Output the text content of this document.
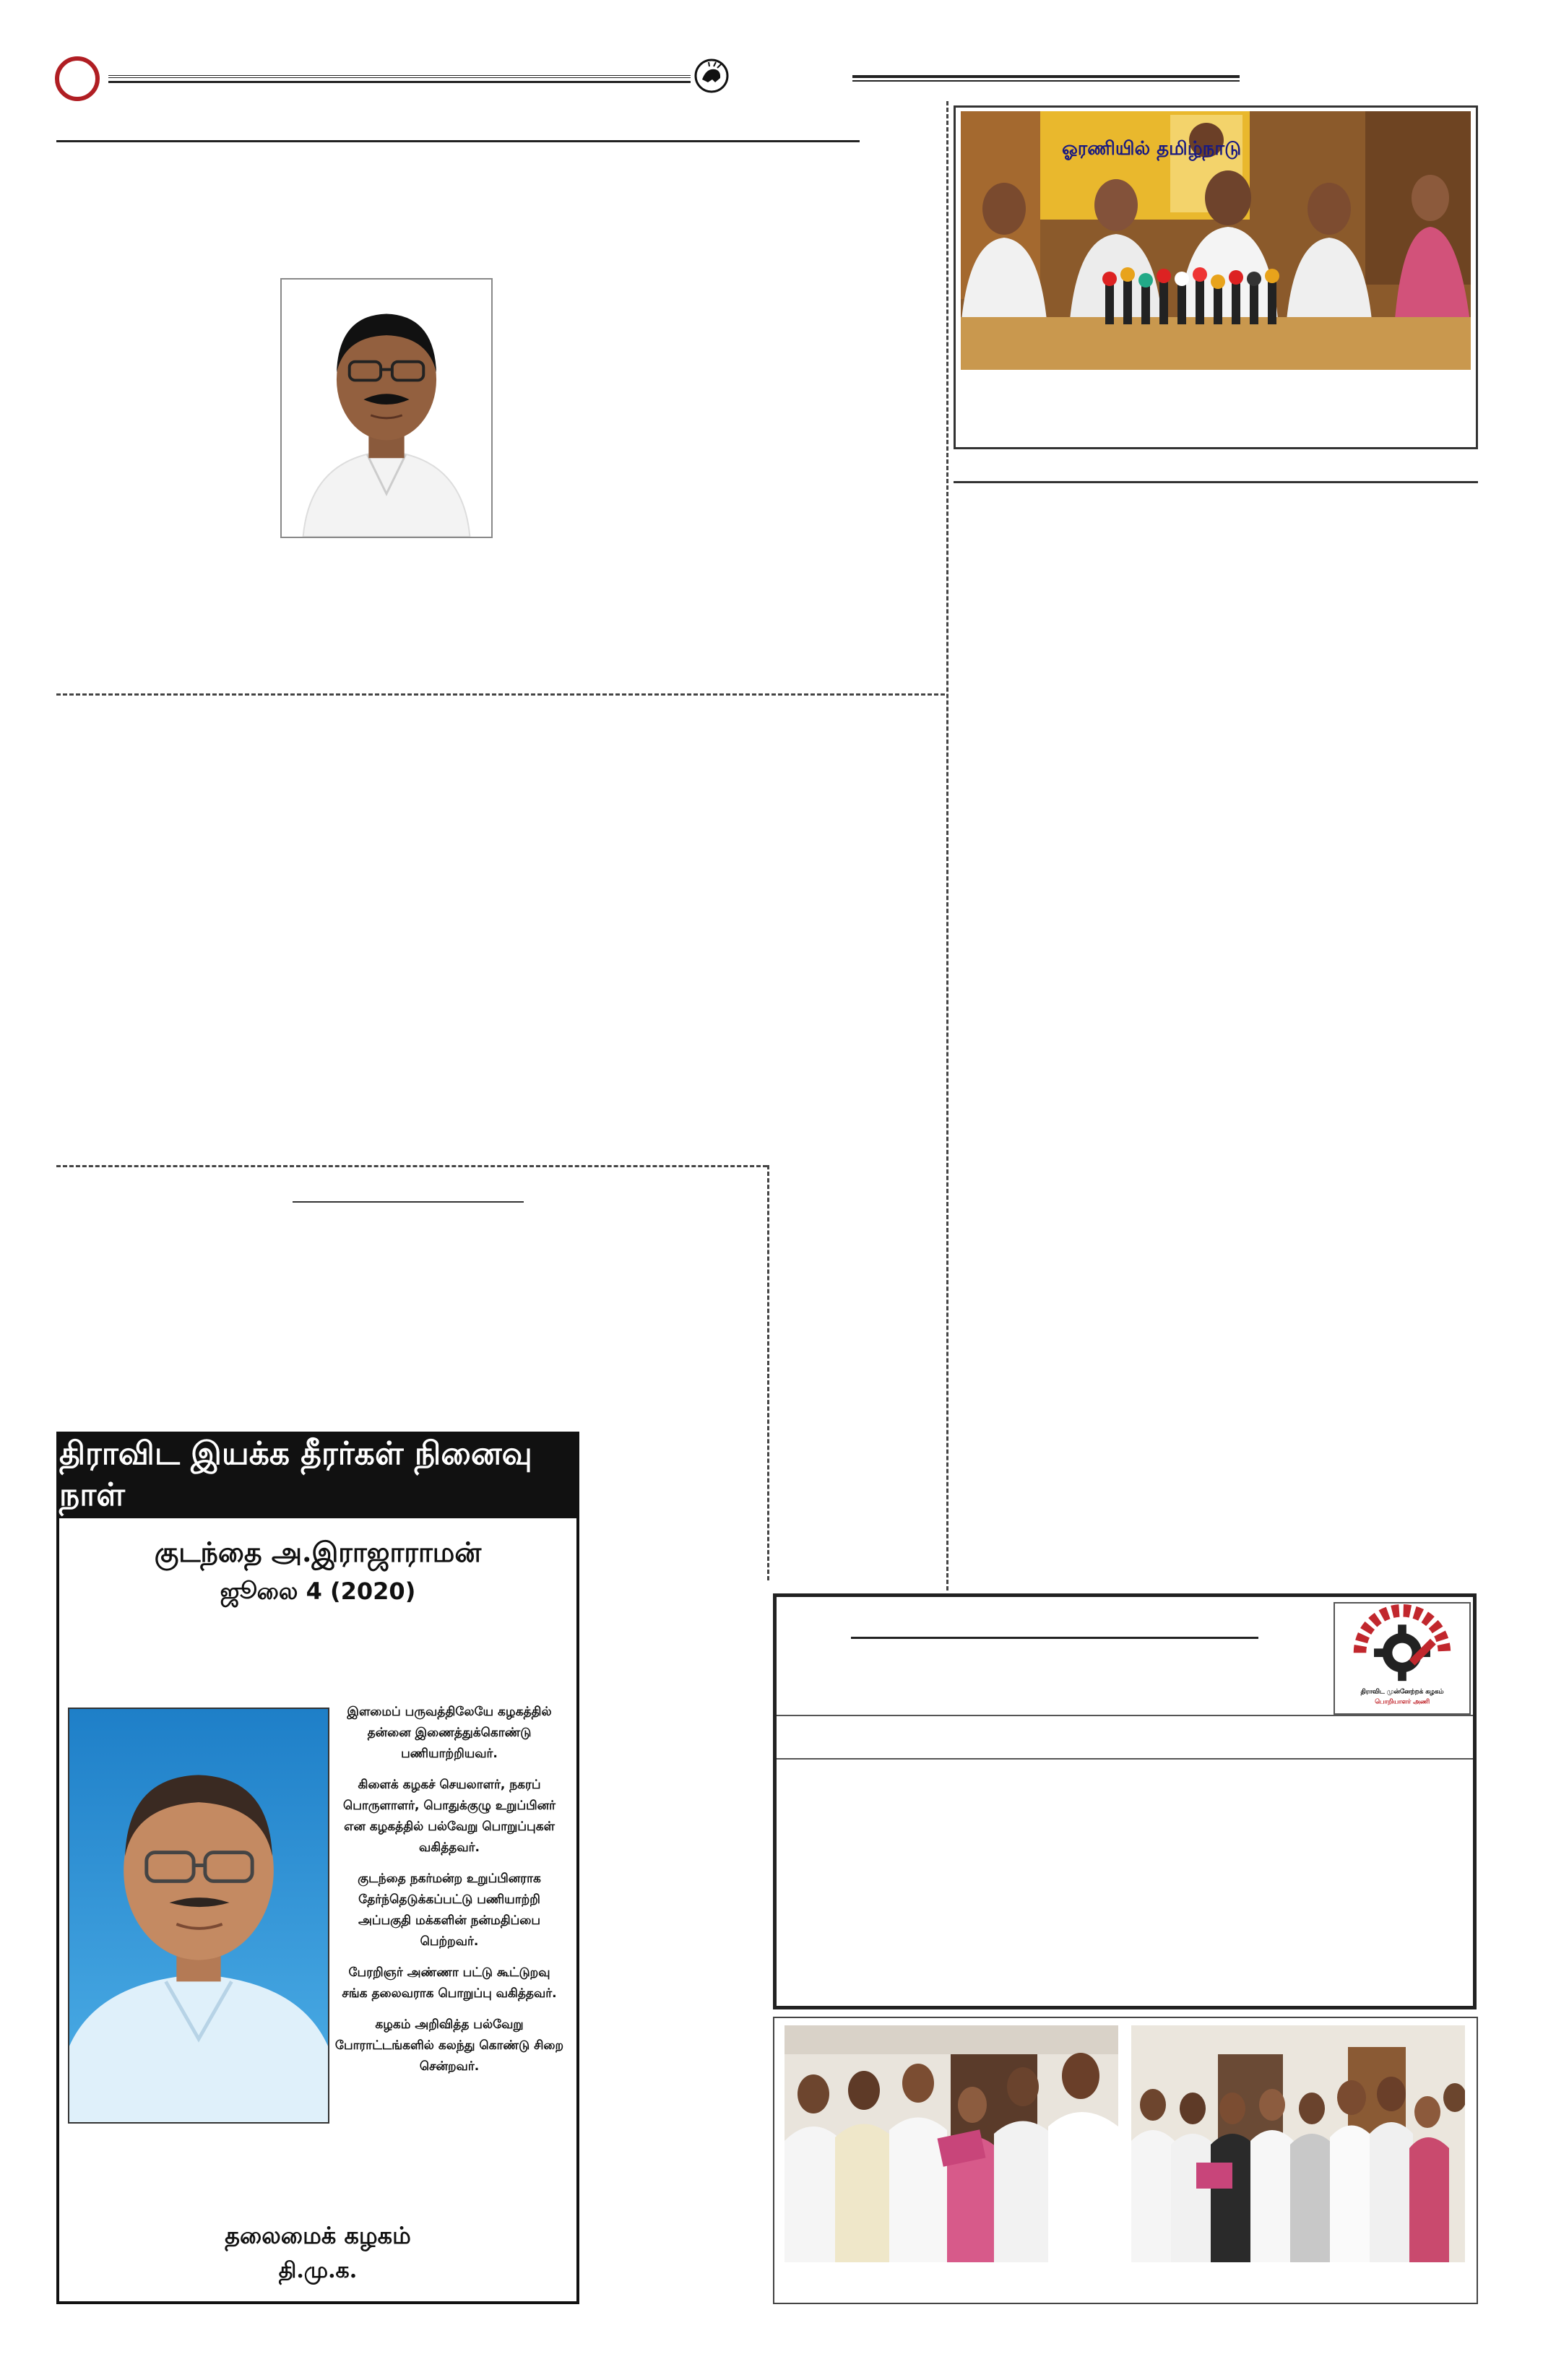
ஓரணியில் தமிழ்நாடு
திராவிட இயக்க தீரர்கள் நினைவு நாள்
குடந்தை அ.இராஜாராமன்
ஜூலை 4 (2020)

இளமைப் பருவத்திலேயே கழகத்தில் தன்னை இணைத்துக்கொண்டு பணியாற்றியவர்.

கிளைக் கழகச் செயலாளர், நகரப் பொருளாளர், பொதுக்குழு உறுப்பினர் என கழகத்தில் பல்வேறு பொறுப்புகள் வகித்தவர்.

குடந்தை நகர்மன்ற உறுப்பினராக தேர்ந்தெடுக்கப்பட்டு பணியாற்றி அப்பகுதி மக்களின் நன்மதிப்பை பெற்றவர்.

பேரறிஞர் அண்ணா பட்டு கூட்டுறவு சங்க தலைவராக பொறுப்பு வகித்தவர்.

கழகம் அறிவித்த பல்வேறு போராட்டங்களில் கலந்து கொண்டு சிறை சென்றவர்.

தலைமைக் கழகம்
தி.மு.க.
திராவிட முன்னேற்றக் கழகம்
பொறியாளர் அணி
